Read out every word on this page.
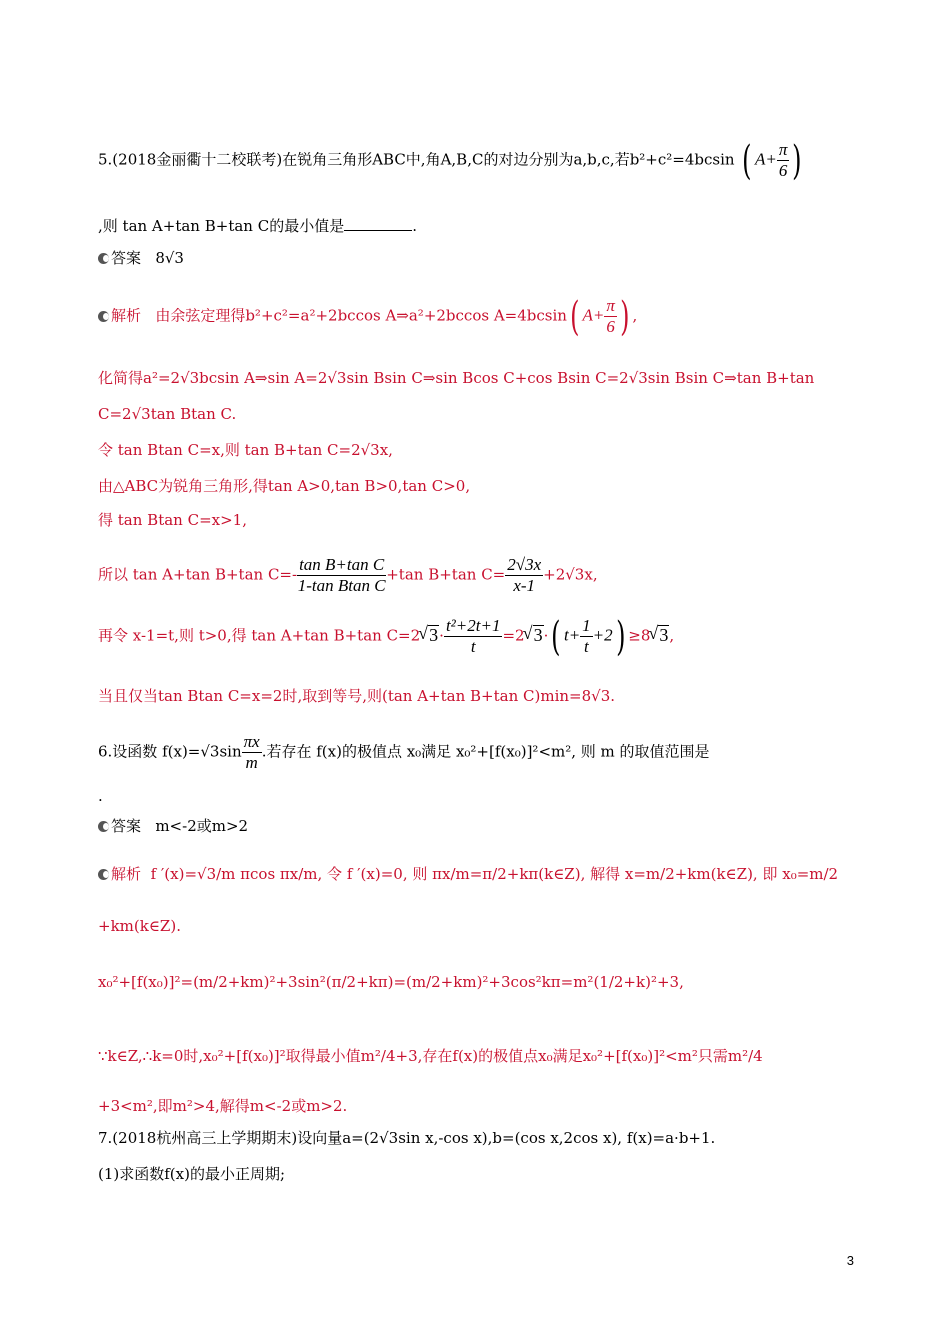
5.(2018金丽衢十二校联考)在锐角三角形ABC中,角A,B,C的对边分别为a,b,c,若b²+c²=4bcsin ( $A+ \frac{\pi}{6}$ )
,则 tan A+tan B+tan C的最小值是	.
答案 8√3
解析 由余弦定理得b²+c²=a²+2bccos A⇒a²+2bccos A=4bcsin( $A+ \frac{\pi}{6}$ ) ,
化简得a²=2√3bcsin A⇒sin A=2√3sin Bsin C⇒sin Bcos C+cos Bsin C=2√3sin Bsin C⇒tan B+tan
C=2√3tan Btan C.
令 tan Btan C=x,则 tan B+tan C=2√3x,
由△ABC为锐角三角形,得tan A>0,tan B>0,tan C>0,
得 tan Btan C=x>1,
所以 tan A+tan B+tan $C=- \frac{\text{tan B+tan C}}{\text{1-tan Btan C}} +\tan$ B+tan $C= \frac{2√3x}{x-1} +2√3x$,
再令 x-1=t,则 t>0,得 tan A+tan B+tan C=2√ $3\cdot \frac{\text{t²+2t+1}}{t} =2√$ 3·( $t+ \frac{1}{t} +2) \ge 8√$ 3,
当且仅当tan Btan C=x=2时,取到等号,则(tan A+tan B+tan C)min=8√3.
6.设函数 $f(x)=√3\sin \frac{\pi x}{m}$ .若存在 f(x)的极值点 x₀满足 x₀²+[f(x₀)]²<m², 则 m 的取值范围是
.
答案 m<-2或m>2
解析 f ′(x)=√3/m πcos πx/m, 令 f ′(x)=0, 则 πx/m=π/2+kπ(k∈Z), 解得 x=m/2+km(k∈Z), 即 x₀=m/2
+km(k∈Z).
x₀²+[f(x₀)]²=(m/2+km)²+3sin²(π/2+kπ)=(m/2+km)²+3cos²kπ=m²(1/2+k)²+3,
∵k∈Z,∴k=0时,x₀²+[f(x₀)]²取得最小值m²/4+3,存在f(x)的极值点x₀满足x₀²+[f(x₀)]²<m²只需m²/4
+3<m²,即m²>4,解得m<-2或m>2.
7.(2018杭州高三上学期期末)设向量a=(2√3sin x,-cos x),b=(cos x,2cos x), f(x)=a·b+1.
(1)求函数f(x)的最小正周期;
3
